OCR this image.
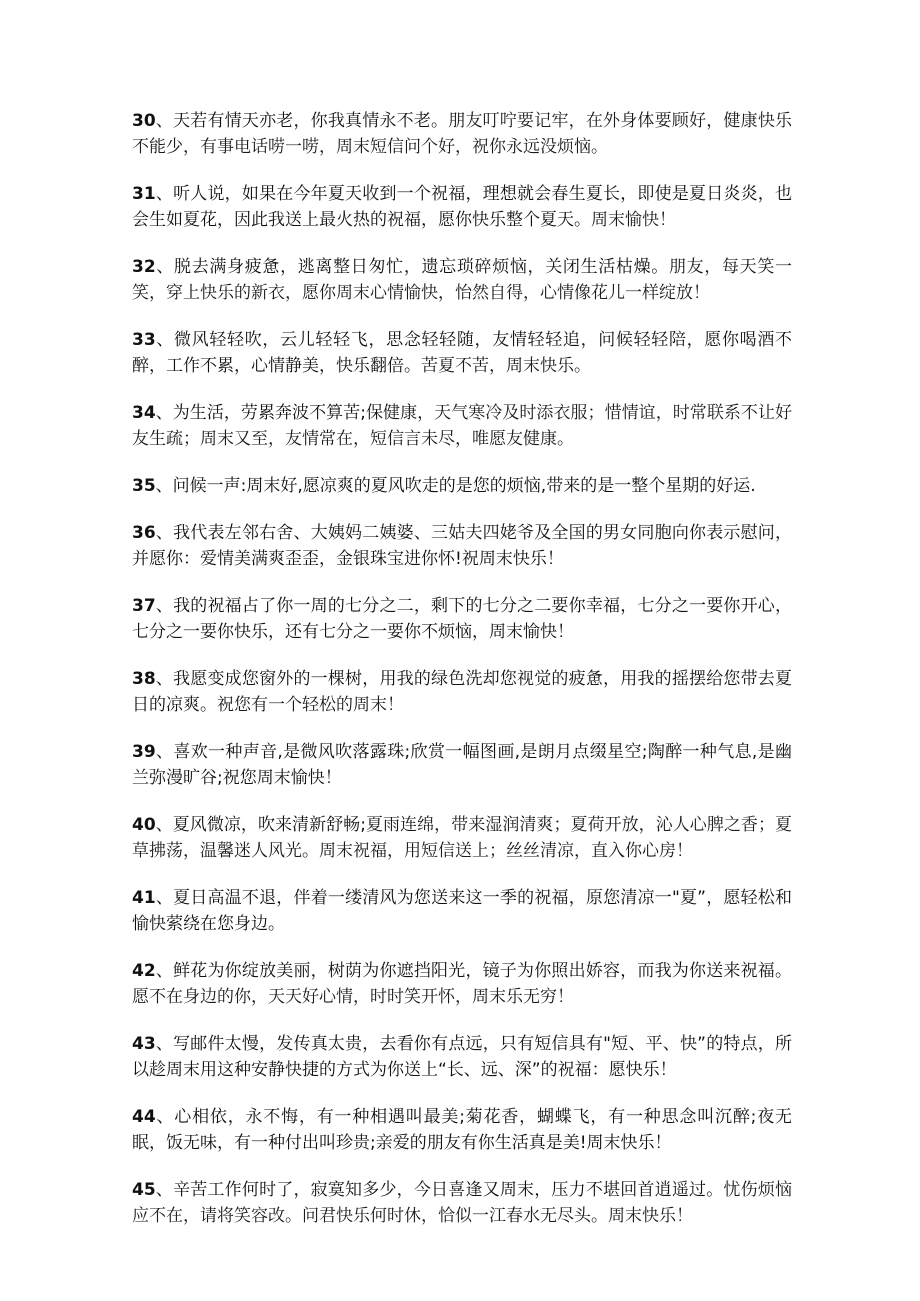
30、天若有情天亦老，你我真情永不老。朋友叮咛要记牢，在外身体要顾好，健康快乐不能少，有事电话唠一唠，周末短信问个好，祝你永远没烦恼。

31、听人说，如果在今年夏天收到一个祝福，理想就会春生夏长，即使是夏日炎炎，也会生如夏花，因此我送上最火热的祝福，愿你快乐整个夏天。周末愉快！

32、脱去满身疲惫，逃离整日匆忙，遗忘琐碎烦恼，关闭生活枯燥。朋友，每天笑一笑，穿上快乐的新衣，愿你周末心情愉快，怡然自得，心情像花儿一样绽放！

33、微风轻轻吹，云儿轻轻飞，思念轻轻随，友情轻轻追，问候轻轻陪，愿你喝酒不醉，工作不累，心情静美，快乐翻倍。苦夏不苦，周末快乐。

34、为生活，劳累奔波不算苦;保健康，天气寒冷及时添衣服；惜情谊，时常联系不让好友生疏；周末又至，友情常在，短信言未尽，唯愿友健康。

35、问候一声:周末好,愿凉爽的夏风吹走的是您的烦恼,带来的是一整个星期的好运.

36、我代表左邻右舍、大姨妈二姨婆、三姑夫四姥爷及全国的男女同胞向你表示慰问，并愿你：爱情美满爽歪歪，金银珠宝进你怀!祝周末快乐！

37、我的祝福占了你一周的七分之二，剩下的七分之二要你幸福，七分之一要你开心，七分之一要你快乐，还有七分之一要你不烦恼，周末愉快！

38、我愿变成您窗外的一棵树，用我的绿色洗却您视觉的疲惫，用我的摇摆给您带去夏日的凉爽。祝您有一个轻松的周末！

39、喜欢一种声音,是微风吹落露珠;欣赏一幅图画,是朗月点缀星空;陶醉一种气息,是幽兰弥漫旷谷;祝您周末愉快！

40、夏风微凉，吹来清新舒畅;夏雨连绵，带来湿润清爽；夏荷开放，沁人心脾之香；夏草拂荡，温馨迷人风光。周末祝福，用短信送上；丝丝清凉，直入你心房！

41、夏日高温不退，伴着一缕清风为您送来这一季的祝福，原您清凉一"夏”，愿轻松和愉快萦绕在您身边。

42、鲜花为你绽放美丽，树荫为你遮挡阳光，镜子为你照出娇容，而我为你送来祝福。愿不在身边的你，天天好心情，时时笑开怀，周末乐无穷！

43、写邮件太慢，发传真太贵，去看你有点远，只有短信具有"短、平、快”的特点，所以趁周末用这种安静快捷的方式为你送上“长、远、深”的祝福：愿快乐！

44、心相依，永不悔，有一种相遇叫最美;菊花香，蝴蝶飞，有一种思念叫沉醉;夜无眠，饭无味，有一种付出叫珍贵;亲爱的朋友有你生活真是美!周末快乐！

45、辛苦工作何时了，寂寞知多少，今日喜逢又周末，压力不堪回首逍遥过。忧伤烦恼应不在，请将笑容改。问君快乐何时休，恰似一江春水无尽头。周末快乐！
